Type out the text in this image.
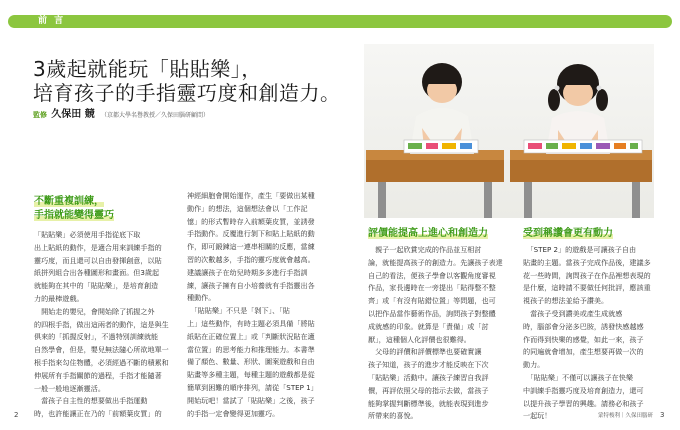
前 言
3歲起就能玩「貼貼樂」，
培育孩子的手指靈巧度和創造力。
監修 久保田 競 （京都大學名譽教授／久保田腦研顧問）
不斷重複訓練，
手指就能變得靈巧
「貼貼樂」必須使用手指從底下取
出上貼紙的動作，是適合用來訓練手指的
靈巧度，而且還可以自由發揮創意，以貼
紙拼列組合出各種圖形和畫面。但3歲起
就能夠在其中的「貼貼樂」，是培育創造
力的最棒遊戲。
　開始走的嬰兒，會開始除了抓握之外
的四根手指，做出這兩者的動作，這是與生
俱來的「抓握反射」，不過特別訓練就能
自然學會，但是，嬰兒無法隨心所欲地單一
根手指來勾住物體，必須經過不斷的積累和
伸展所有手指關節的過程，手指才能隨著
一般一般地逐漸靈活。
　當孩子自主性的想要做出手指運動
時，也許能讓正在乃的「前額葉皮質」的
神經細胞會開始運作，產生「要做出某種
動作」的想法，這個想法會以「工作記
憶」的形式暫時存入前額葉皮質，並誘發
手指動作。反覆進行剝下和貼上貼紙的動
作，即可鍛鍊這一連串相關的反應，當練
習的次數越多，手指的靈巧度就會越高。
建議讓孩子在幼兒時期多多進行手指訓
練，讓孩子擁有自小培養就有手指靈出各
種動作。
　「貼貼樂」不只是「剝下」、「貼
上」這些動作，有時主題必須具備「將貼
紙貼在正確位置上」或「判斷狀況貼在適
當位置」的思考能力和推理能力。本書準
備了顏色、數量、形狀、圖案遊戲和自由
貼畫等多種主題，每種主題的遊戲都是從
簡單到困難的順序排列，請從「STEP 1」
開始玩吧！當試了「貼貼樂」之後，孩子
的手指一定會變得更加靈巧。
評價能提高上進心和創造力
　親子一起欣賞完成的作品並互相討
論，就能提高孩子的創造力。先讓孩子表達
自己的看法，便孩子學會以客觀角度審視
作品，家長邊時在一旁提出「貼得整不整
齊」或「有沒有貼錯位置」等問題，也可
以把作品當作藝術作品，詢問孩子對整體
成就感的印象。就算是「責備」或「討
厭」，這種個人化評價也很難得。
　父母的評價和評價標準也要確實讓
孩子知道，孩子的進步才能反映在下次
「貼貼樂」活動中。讓孩子練習自我評
價，再評依照父母的指示去做，當孩子
能夠掌握判斷標準後，就能表現到進步
所帶來的喜悅。
受到稱讚會更有動力
　「STEP 2」的遊戲是可讓孩子自由
貼畫的主題。當孩子完成作品後，建議多
花一些時間，詢問孩子在作品裡想表現的
是什麼，這時請不要做任何批評，應該重
視孩子的想法並給予讚美。
　當孩子受到讚美或產生成就感
時，腦部會分泌多巴胺，誘發快感越感
作而得到快樂的感覺，如此一來，孩子
的同遍就會增加，產生想要再做一次的
動力。
　「貼貼樂」不僅可以讓孩子在快樂
中訓練手指靈巧度及培育創造力，還可
以提升孩子學習的興趣。請務必和孩子
一起玩！
2	蒙特梭利｜久保田腦研 3
